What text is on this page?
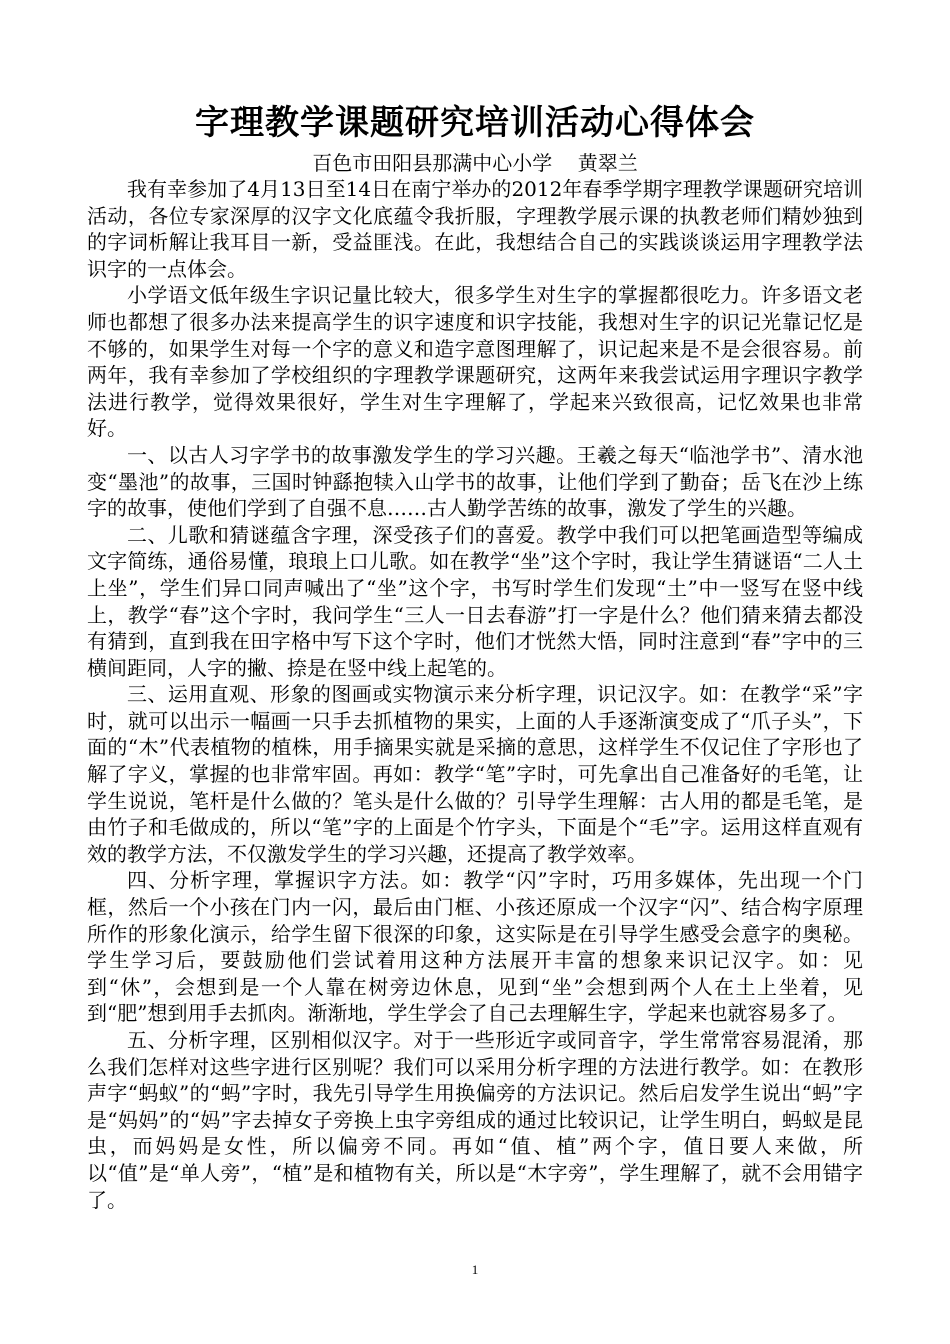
字理教学课题研究培训活动心得体会

百色市田阳县那满中心小学    黄翠兰

我有幸参加了4月13日至14日在南宁举办的2012年春季学期字理教学课题研究培训活动，各位专家深厚的汉字文化底蕴令我折服，字理教学展示课的执教老师们精妙独到的字词析解让我耳目一新，受益匪浅。在此，我想结合自己的实践谈谈运用字理教学法识字的一点体会。

小学语文低年级生字识记量比较大，很多学生对生字的掌握都很吃力。许多语文老师也都想了很多办法来提高学生的识字速度和识字技能，我想对生字的识记光靠记忆是不够的，如果学生对每一个字的意义和造字意图理解了，识记起来是不是会很容易。前两年，我有幸参加了学校组织的字理教学课题研究，这两年来我尝试运用字理识字教学法进行教学，觉得效果很好，学生对生字理解了，学起来兴致很高，记忆效果也非常好。

一、以古人习字学书的故事激发学生的学习兴趣。王羲之每天“临池学书”、清水池变“墨池”的故事，三国时钟繇抱犊入山学书的故事，让他们学到了勤奋；岳飞在沙上练字的故事，使他们学到了自强不息……古人勤学苦练的故事，激发了学生的兴趣。

二、儿歌和猜谜蕴含字理，深受孩子们的喜爱。教学中我们可以把笔画造型等编成文字简练，通俗易懂，琅琅上口儿歌。如在教学“坐”这个字时，我让学生猜谜语“二人土上坐”，学生们异口同声喊出了“坐”这个字，书写时学生们发现“土”中一竖写在竖中线上，教学“春”这个字时，我问学生“三人一日去春游”打一字是什么？他们猜来猜去都没有猜到，直到我在田字格中写下这个字时，他们才恍然大悟，同时注意到“春”字中的三横间距同，人字的撇、捺是在竖中线上起笔的。

三、运用直观、形象的图画或实物演示来分析字理，识记汉字。如：在教学“采”字时，就可以出示一幅画一只手去抓植物的果实，上面的人手逐渐演变成了“爪子头”，下面的“木”代表植物的植株，用手摘果实就是采摘的意思，这样学生不仅记住了字形也了解了字义，掌握的也非常牢固。再如：教学“笔”字时，可先拿出自己准备好的毛笔，让学生说说，笔杆是什么做的？笔头是什么做的？引导学生理解：古人用的都是毛笔，是由竹子和毛做成的，所以“笔”字的上面是个竹字头，下面是个“毛”字。运用这样直观有效的教学方法，不仅激发学生的学习兴趣，还提高了教学效率。

四、分析字理，掌握识字方法。如：教学“闪”字时，巧用多媒体，先出现一个门框，然后一个小孩在门内一闪，最后由门框、小孩还原成一个汉字“闪”、结合构字原理所作的形象化演示，给学生留下很深的印象，这实际是在引导学生感受会意字的奥秘。学生学习后，要鼓励他们尝试着用这种方法展开丰富的想象来识记汉字。如：见到“休”，会想到是一个人靠在树旁边休息，见到“坐”会想到两个人在土上坐着，见到“肥”想到用手去抓肉。渐渐地，学生学会了自己去理解生字，学起来也就容易多了。

五、分析字理，区别相似汉字。对于一些形近字或同音字，学生常常容易混淆，那么我们怎样对这些字进行区别呢？我们可以采用分析字理的方法进行教学。如：在教形声字“蚂蚁”的“蚂”字时，我先引导学生用换偏旁的方法识记。然后启发学生说出“蚂”字是“妈妈”的“妈”字去掉女子旁换上虫字旁组成的通过比较识记，让学生明白，蚂蚁是昆虫，而妈妈是女性，所以偏旁不同。再如“值、植”两个字，值日要人来做，所以“值”是“单人旁”，“植”是和植物有关，所以是“木字旁”，学生理解了，就不会用错字了。

1
